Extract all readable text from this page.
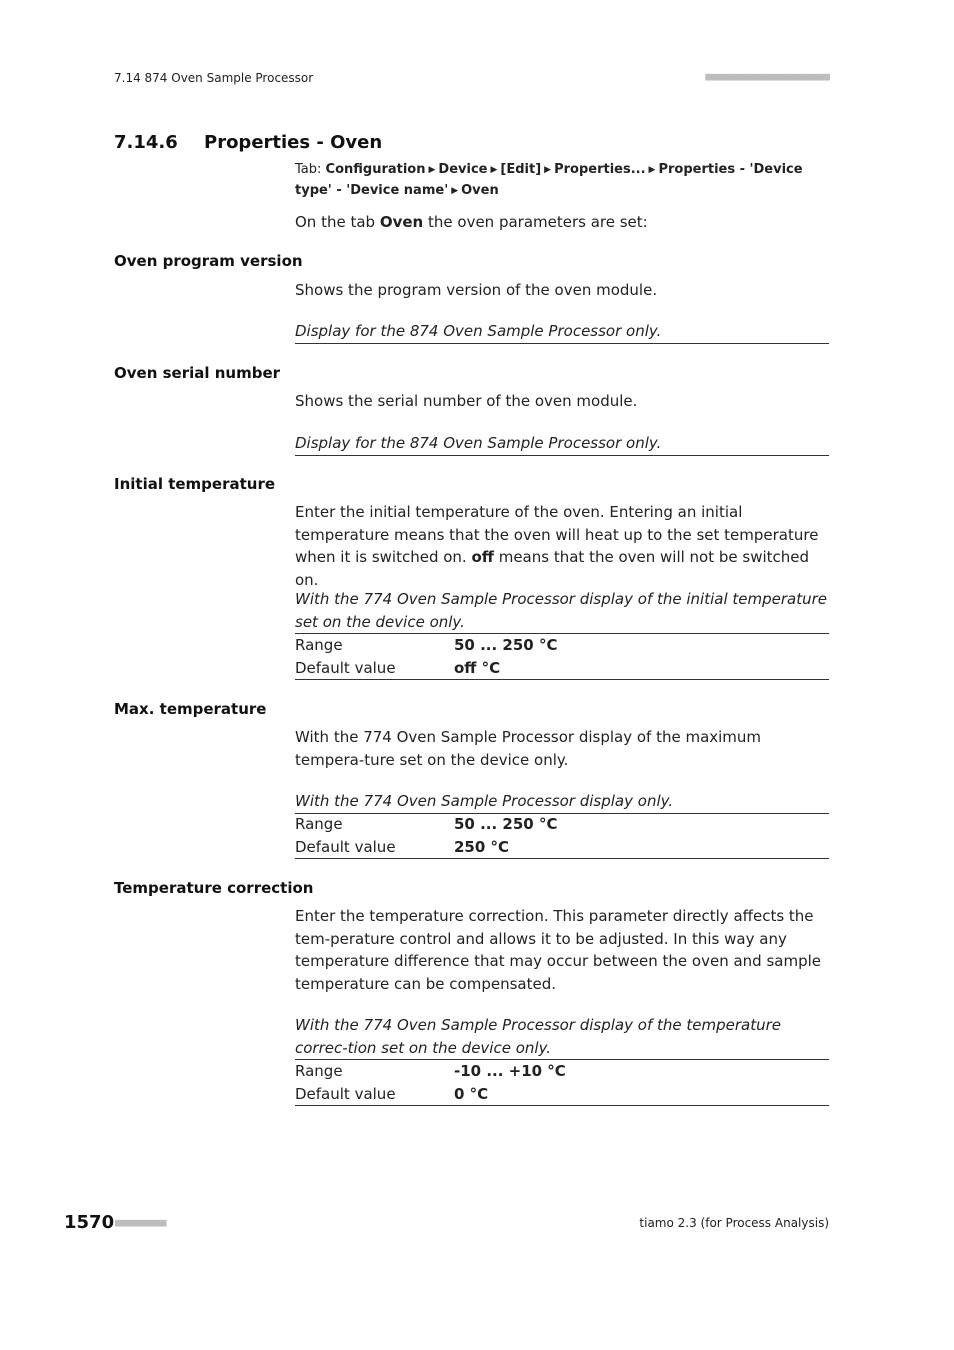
7.14 874 Oven Sample Processor	■■■■■■■■■■■■■■■■■■■■■■
7.14.6 Properties - Oven
Tab: Configuration ▶ Device ▶ [Edit] ▶ Properties... ▶ Properties - 'Device type' - 'Device name' ▶ Oven
On the tab Oven the oven parameters are set:
Oven program version
Shows the program version of the oven module.
Display for the 874 Oven Sample Processor only.
Oven serial number
Shows the serial number of the oven module.
Display for the 874 Oven Sample Processor only.
Initial temperature
Enter the initial temperature of the oven. Entering an initial temperature means that the oven will heat up to the set temperature when it is switched on. off means that the oven will not be switched on.
With the 774 Oven Sample Processor display of the initial temperature set on the device only.
Range	50 ... 250 °C
Default value	off °C
Max. temperature
With the 774 Oven Sample Processor display of the maximum tempera-ture set on the device only.
With the 774 Oven Sample Processor display only.
Range	50 ... 250 °C
Default value	250 °C
Temperature correction
Enter the temperature correction. This parameter directly affects the tem-perature control and allows it to be adjusted. In this way any temperature difference that may occur between the oven and sample temperature can be compensated.
With the 774 Oven Sample Processor display of the temperature correc-tion set on the device only.
Range	-10 ... +10 °C
Default value	0 °C
1570 ■■■■■■■■■	tiamo 2.3 (for Process Analysis)
